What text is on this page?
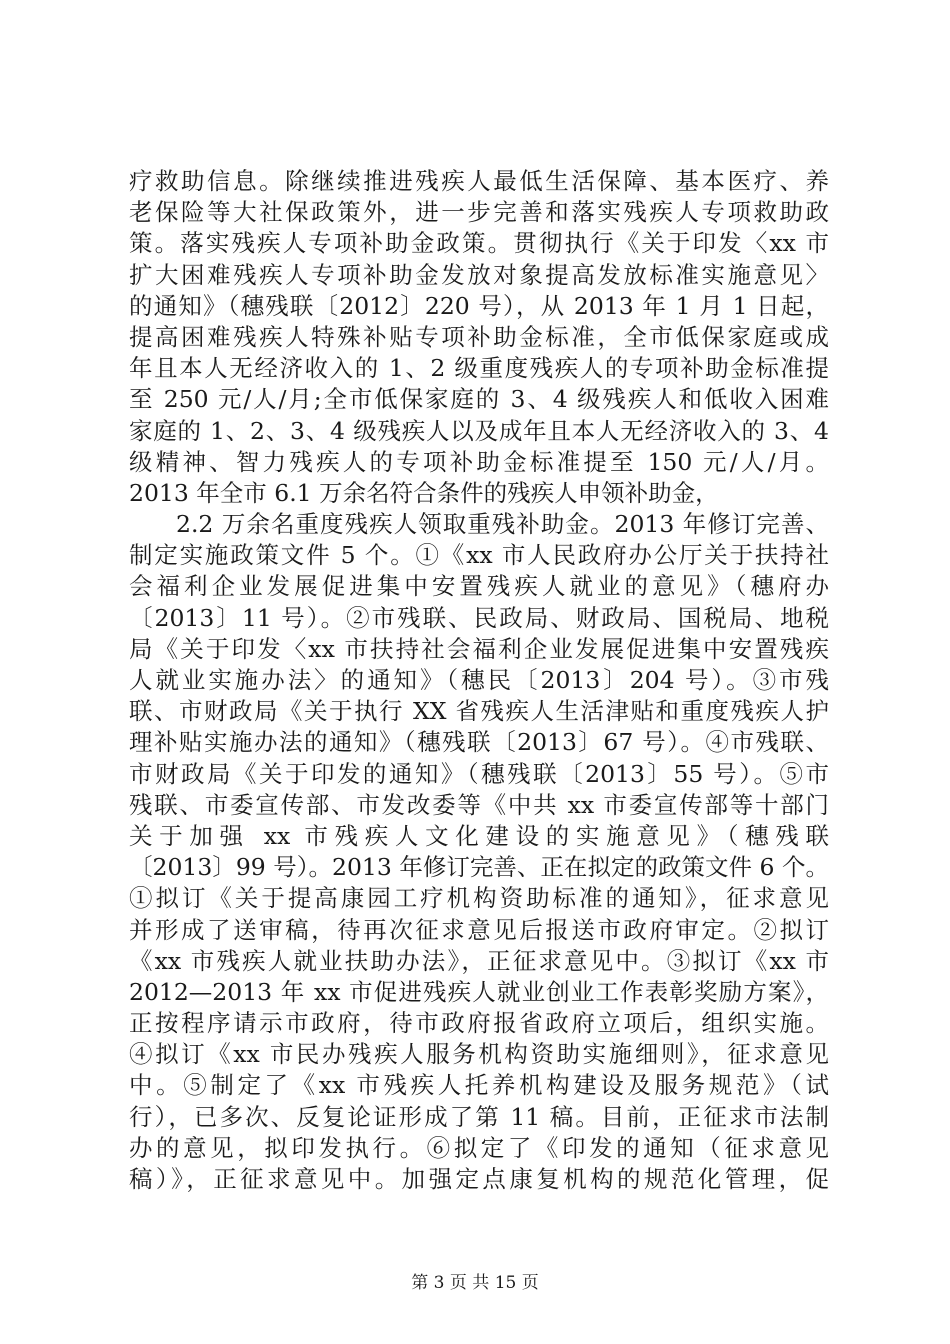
疗救助信息。除继续推进残疾人最低生活保障、基本医疗、养
老保险等大社保政策外，进一步完善和落实残疾人专项救助政
策。落实残疾人专项补助金政策。贯彻执行《关于印发〈xx 市
扩大困难残疾人专项补助金发放对象提高发放标准实施意见〉
的通知》（穗残联〔2012〕220 号），从 2013 年 1 月 1 日起，
提高困难残疾人特殊补贴专项补助金标准，全市低保家庭或成
年且本人无经济收入的 1、2 级重度残疾人的专项补助金标准提
至 250 元/人/月;全市低保家庭的 3、4 级残疾人和低收入困难
家庭的 1、2、3、4 级残疾人以及成年且本人无经济收入的 3、4
级精神、智力残疾人的专项补助金标准提至 150 元/人/月。
2013 年全市 6.1 万余名符合条件的残疾人申领补助金，
2.2 万余名重度残疾人领取重残补助金。2013 年修订完善、
制定实施政策文件 5 个。①《xx 市人民政府办公厅关于扶持社
会福利企业发展促进集中安置残疾人就业的意见》（穗府办
〔2013〕11 号）。②市残联、民政局、财政局、国税局、地税
局《关于印发〈xx 市扶持社会福利企业发展促进集中安置残疾
人就业实施办法〉的通知》（穗民〔2013〕204 号）。③市残
联、市财政局《关于执行 XX 省残疾人生活津贴和重度残疾人护
理补贴实施办法的通知》（穗残联〔2013〕67 号）。④市残联、
市财政局《关于印发的通知》（穗残联〔2013〕55 号）。⑤市
残联、市委宣传部、市发改委等《中共 xx 市委宣传部等十部门
关于加强 xx 市残疾人文化建设的实施意见》（穗残联
〔2013〕99 号）。2013 年修订完善、正在拟定的政策文件 6 个。
①拟订《关于提高康园工疗机构资助标准的通知》，征求意见
并形成了送审稿，待再次征求意见后报送市政府审定。②拟订
《xx 市残疾人就业扶助办法》，正征求意见中。③拟订《xx 市
2012—2013 年 xx 市促进残疾人就业创业工作表彰奖励方案》，
正按程序请示市政府，待市政府报省政府立项后，组织实施。
④拟订《xx 市民办残疾人服务机构资助实施细则》，征求意见
中。⑤制定了《xx 市残疾人托养机构建设及服务规范》（试
行），已多次、反复论证形成了第 11 稿。目前，正征求市法制
办的意见，拟印发执行。⑥拟定了《印发的通知（征求意见
稿）》，正征求意见中。加强定点康复机构的规范化管理，促
第 3 页 共 15 页
